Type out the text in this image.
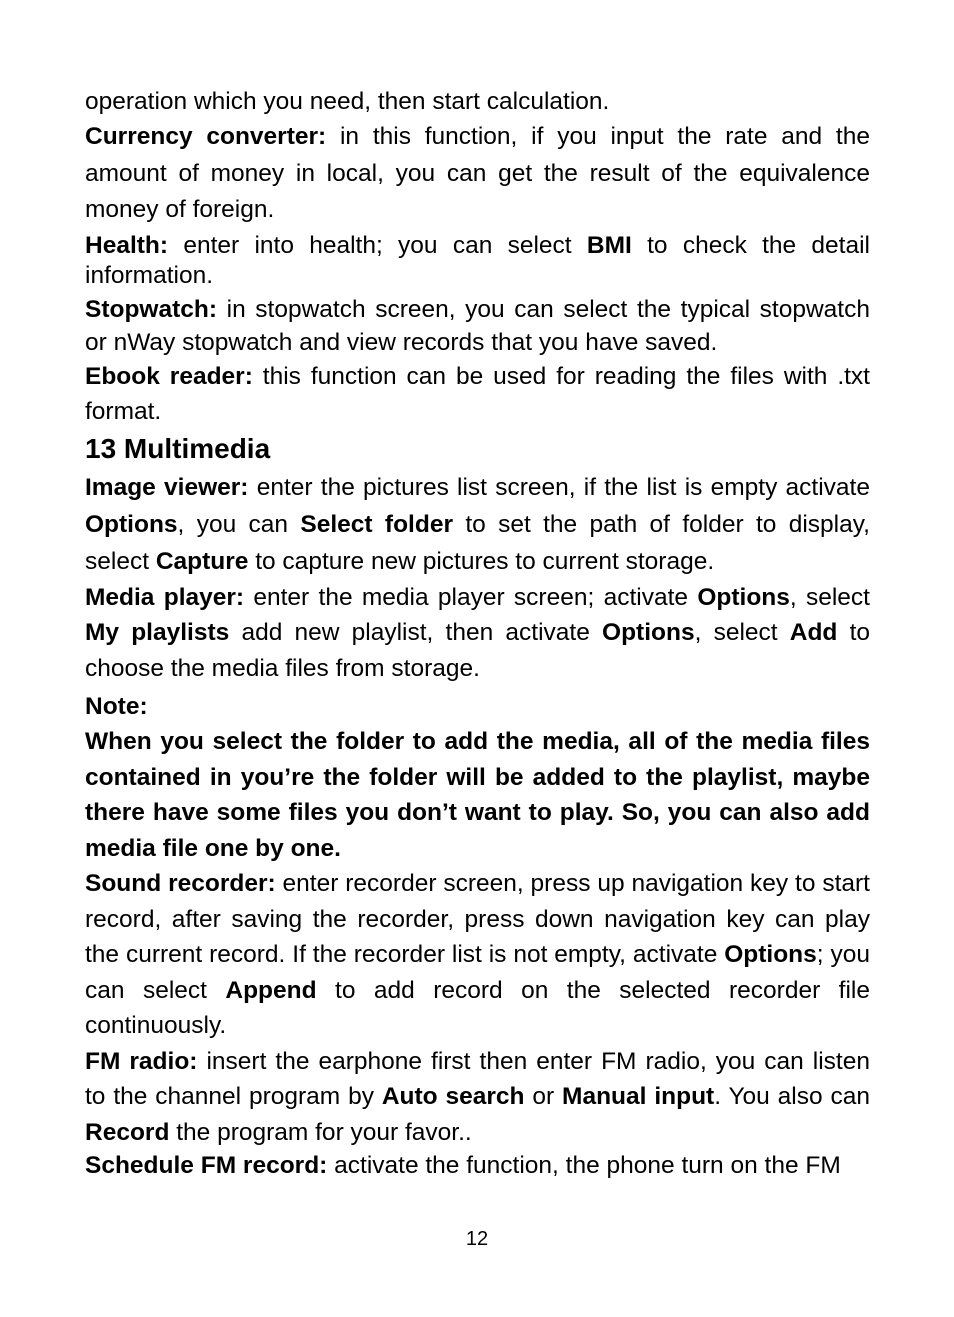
operation which you need, then start calculation.

Currency converter: in this function, if you input the rate and the amount of money in local, you can get the result of the equivalence money of foreign.

Health: enter into health; you can select BMI to check the detail information.

Stopwatch: in stopwatch screen, you can select the typical stopwatch or nWay stopwatch and view records that you have saved.

Ebook reader: this function can be used for reading the files with .txt format.

13 Multimedia

Image viewer: enter the pictures list screen, if the list is empty activate Options, you can Select folder to set the path of folder to display, select Capture to capture new pictures to current storage.

Media player: enter the media player screen; activate Options, select My playlists add new playlist, then activate Options, select Add to choose the media files from storage.

Note:

When you select the folder to add the media, all of the media files contained in you’re the folder will be added to the playlist, maybe there have some files you don’t want to play. So, you can also add media file one by one.

Sound recorder: enter recorder screen, press up navigation key to start record, after saving the recorder, press down navigation key can play the current record. If the recorder list is not empty, activate Options; you can select Append to add record on the selected recorder file continuously.

FM radio: insert the earphone first then enter FM radio, you can listen to the channel program by Auto search or Manual input. You also can Record the program for your favor..

Schedule FM record: activate the function, the phone turn on the FM

12
